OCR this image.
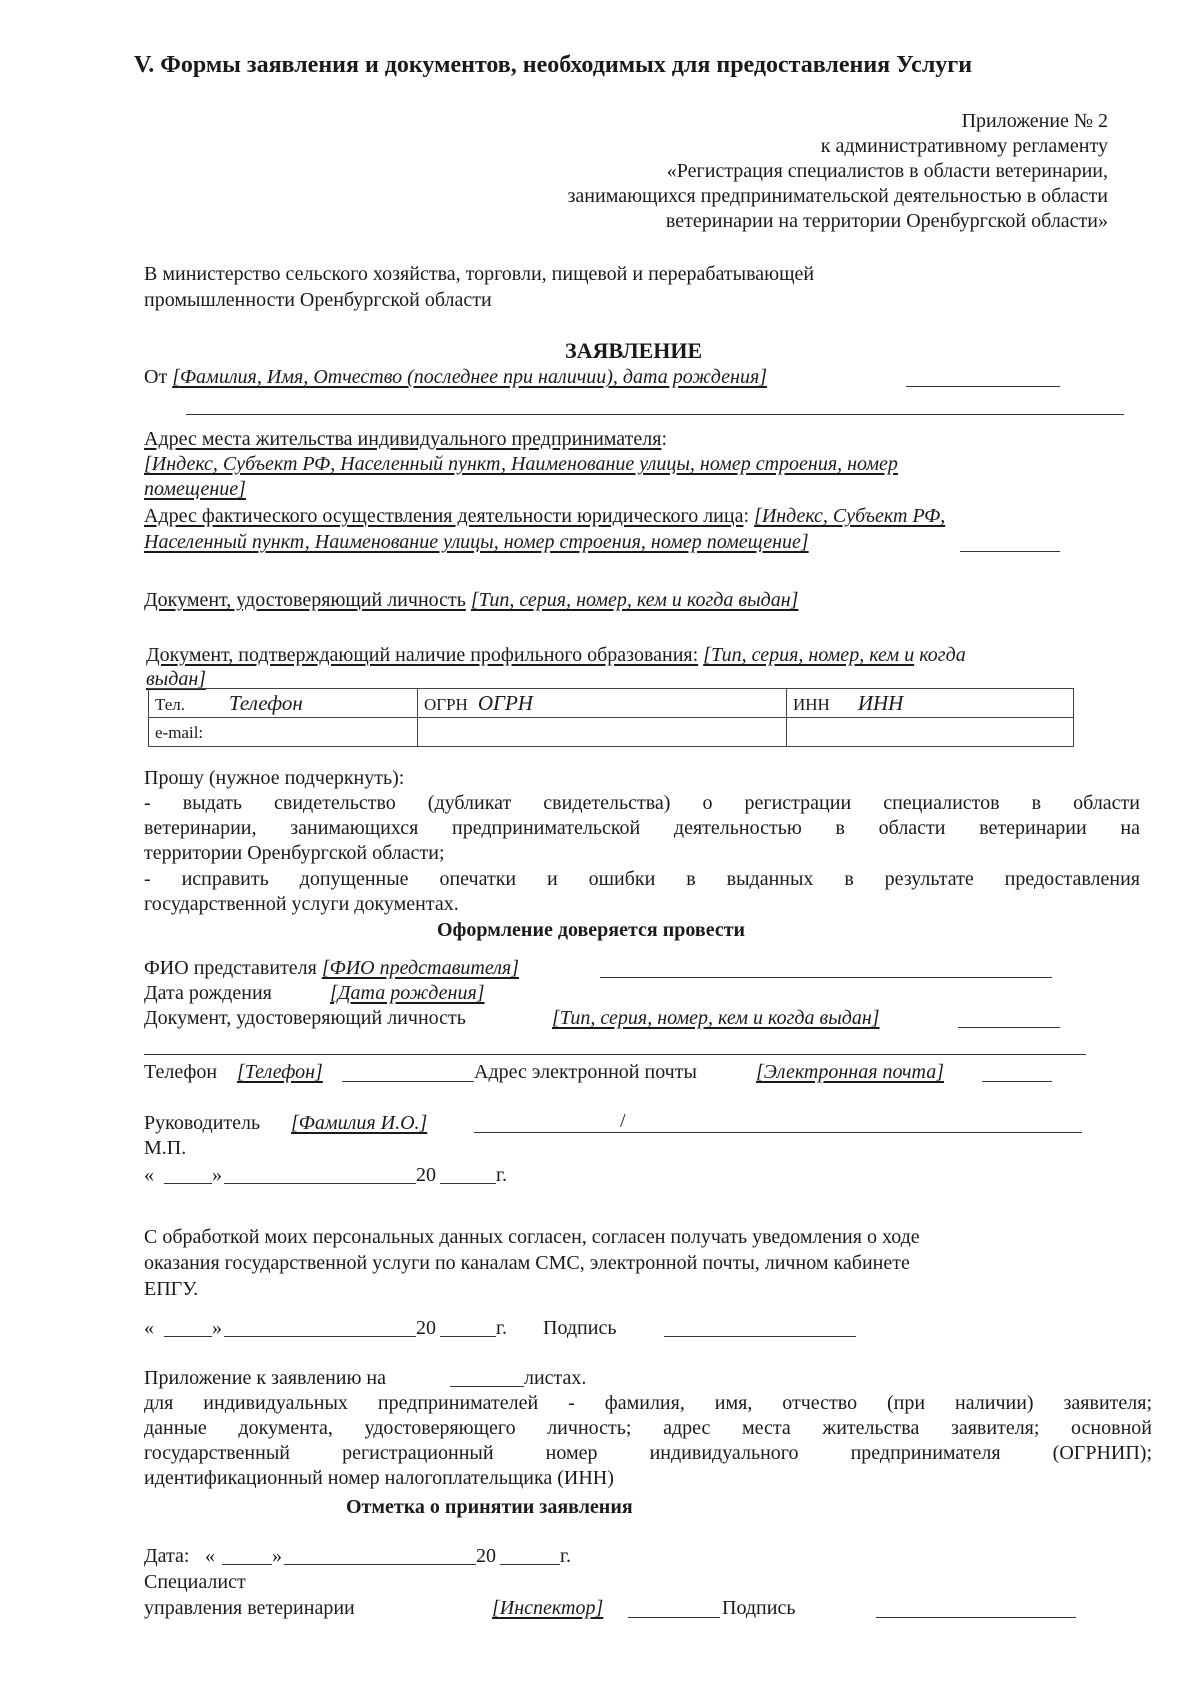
V. Формы заявления и документов, необходимых для предоставления Услуги
Приложение № 2
к административному регламенту
«Регистрация специалистов в области ветеринарии,
занимающихся предпринимательской деятельностью в области
ветеринарии на территории Оренбургской области»
В министерство сельского хозяйства, торговли, пищевой и перерабатывающей
промышленности Оренбургской области
ЗАЯВЛЕНИЕ
От [Фамилия, Имя, Отчество (последнее при наличии), дата рождения]
Адрес места жительства индивидуального предпринимателя:
[Индекс, Субъект РФ, Населенный пункт, Наименование улицы, номер строения, номер
помещение]
Адрес фактического осуществления деятельности юридического лица: [Индекс, Субъект РФ,
Населенный пункт, Наименование улицы, номер строения, номер помещение]
Документ, удостоверяющий личность [Тип, серия, номер, кем и когда выдан]
Документ, подтверждающий наличие профильного образования: [Тип, серия, номер, кем и когда
выдан]
Тел. Телефон	ОГРН ОГРН	ИНН ИНН
e-mail:		
Прошу (нужное подчеркнуть):
- выдать свидетельство (дубликат свидетельства) о регистрации специалистов в области
ветеринарии, занимающихся предпринимательской деятельностью в области ветеринарии на
территории Оренбургской области;
- исправить допущенные опечатки и ошибки в выданных в результате предоставления
государственной услуги документах.
Оформление доверяется провести
ФИО представителя [ФИО представителя]
Дата рождения	[Дата рождения]
Документ, удостоверяющий личность	[Тип, серия, номер, кем и когда выдан]
Телефон [Телефон]	Адрес электронной почты	[Электронная почта]
Руководитель [Фамилия И.О.]	/
М.П.
«	»	20	г.
С обработкой моих персональных данных согласен, согласен получать уведомления о ходе
оказания государственной услуги по каналам СМС, электронной почты, личном кабинете
ЕПГУ.
«	»	20	г. Подпись
Приложение к заявлению на	листах.
для индивидуальных предпринимателей - фамилия, имя, отчество (при наличии) заявителя;
данные документа, удостоверяющего личность; адрес места жительства заявителя; основной
государственный регистрационный номер индивидуального предпринимателя (ОГРНИП);
идентификационный номер налогоплательщика (ИНН)
Отметка о принятии заявления
Дата: «	»	20	г.
Специалист
управления ветеринарии	[Инспектор]	Подпись
